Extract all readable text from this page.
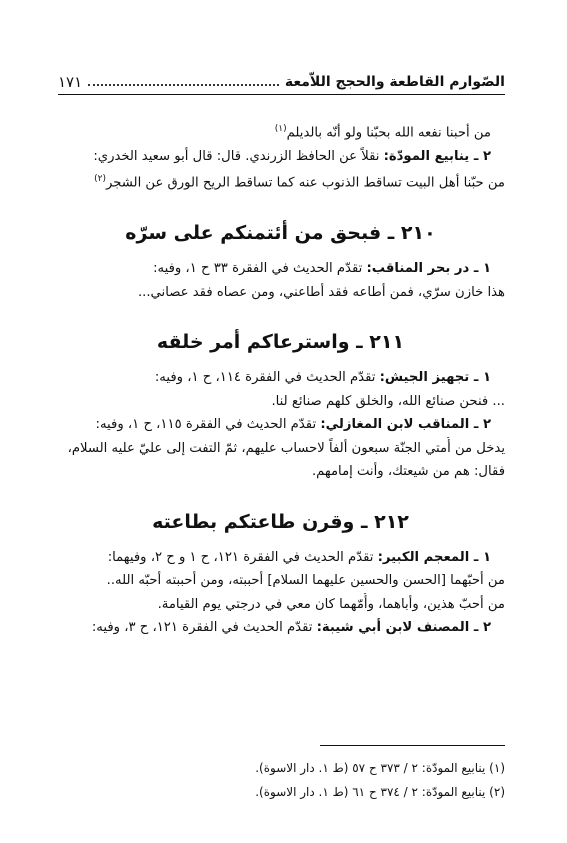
الصّوارم القاطعة والحجج اللاّمعة
١٧١
من أحبنا نفعه الله بحبّنا ولو أنّه بالديلم$^{(١)}$
٢ ـ ينابيع المودّة: نقلاً عن الحافظ الزرندي. قال: قال أبو سعيد الخدري:
من حبّنا أهل البيت تساقط الذنوب عنه كما تساقط الريح الورق عن الشجر$^{(٢)}$
٢١٠ ـ فبحق من أئتمنكم على سرّه
١ ـ در بحر المناقب: تقدّم الحديث في الفقرة ٣٣ ح ١، وفيه:
هذا خازن سرّي، فمن أطاعه فقد أطاعني، ومن عصاه فقد عصاني...
٢١١ ـ واسترعاكم أمر خلقه
١ ـ تجهيز الجيش: تقدّم الحديث في الفقرة ١١٤، ح ١، وفيه:
... فنحن صنائع الله، والخلق كلهم صنائع لنا.
٢ ـ المناقب لابن المغازلي: تقدّم الحديث في الفقرة ١١٥، ح ١، وفيه:
يدخل من أُمتي الجنّة سبعون ألفاً لاحساب عليهم، ثمّ التفت إلى عليّ عليه السلام،
فقال: هم من شيعتك، وأنت إمامهم.
٢١٢ ـ وقرن طاعتكم بطاعته
١ ـ المعجم الكبير: تقدّم الحديث في الفقرة ١٢١، ح ١ و ح ٢، وفيهما:
من أحبّهما [الحسن والحسين عليهما السلام] أحببته، ومن أحببته أحبّه الله..
من أحبّ هذين، وأباهما، وأُمّهما كان معي في درجتي يوم القيامة.
٢ ـ المصنف لابن أبي شيبة: تقدّم الحديث في الفقرة ١٢١، ح ٣، وفيه:
(١) ينابيع المودّة: ٢ / ٣٧٣ ح ٥٧ (ط ١. دار الاسوة).
(٢) ينابيع المودّة: ٢ / ٣٧٤ ح ٦١ (ط ١. دار الاسوة).
